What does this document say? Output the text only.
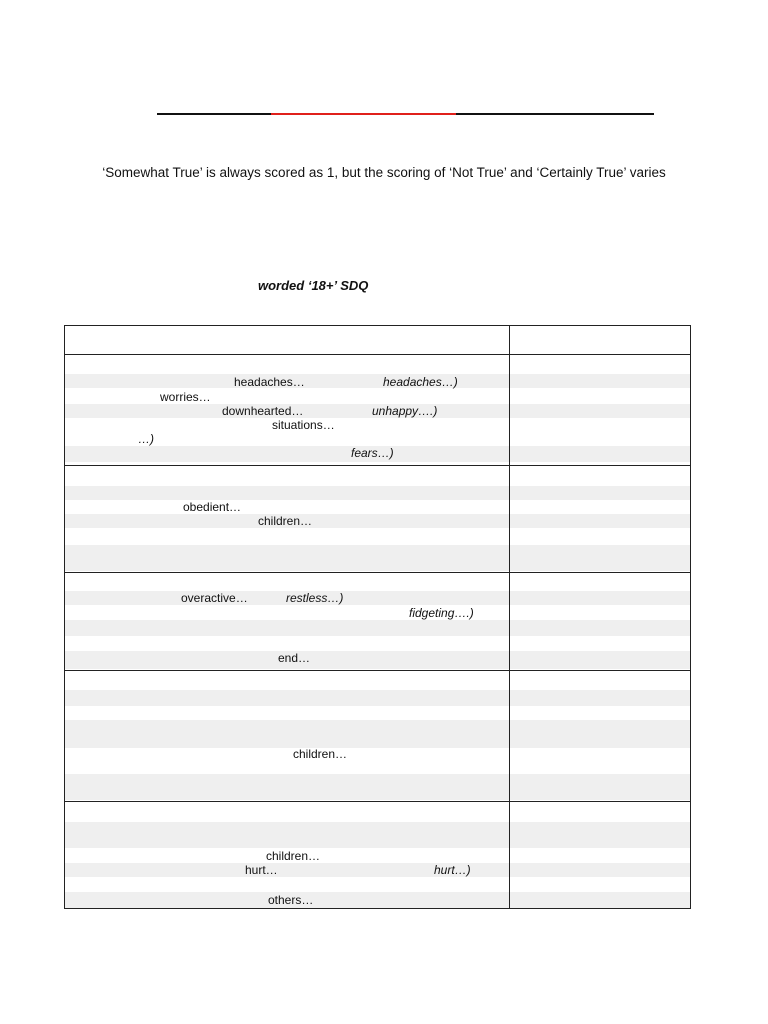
‘Somewhat True’ is always scored as 1, but the scoring of ‘Not True’ and ‘Certainly True’ varies
worded ‘18+’ SDQ
headaches…	headaches…)
worries…
downhearted…	unhappy….)
situations…
…)
fears…)
obedient…
children…
overactive…	restless…)
fidgeting….)
end…
children…
children…
hurt…	hurt…)
others…
